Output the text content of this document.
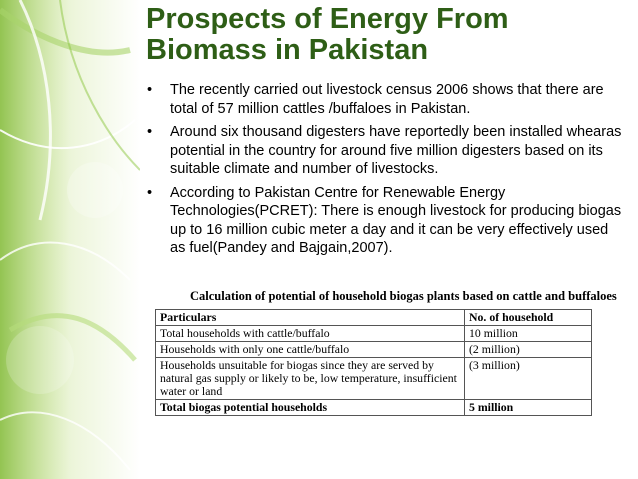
Prospects of Energy From
Biomass in Pakistan
• The recently carried out livestock census 2006 shows that there are total of 57 million cattles /buffaloes in Pakistan.
• Around six thousand digesters have reportedly been installed whearas potential in the country for around five million digesters based on its suitable climate and number of livestocks.
• According to Pakistan Centre for Renewable Energy Technologies(PCRET): There is enough livestock for producing biogas up to 16 million cubic meter a day and it can be very effectively used as fuel(Pandey and Bajgain,2007).
Calculation of potential of household biogas plants based on cattle and buffaloes
Particulars	No. of household
Total households with cattle/buffalo	10 million
Households with only one cattle/buffalo	(2 million)
Households unsuitable for biogas since they are served by natural gas supply or likely to be, low temperature, insufficient water or land	(3 million)
Total biogas potential households	5 million
